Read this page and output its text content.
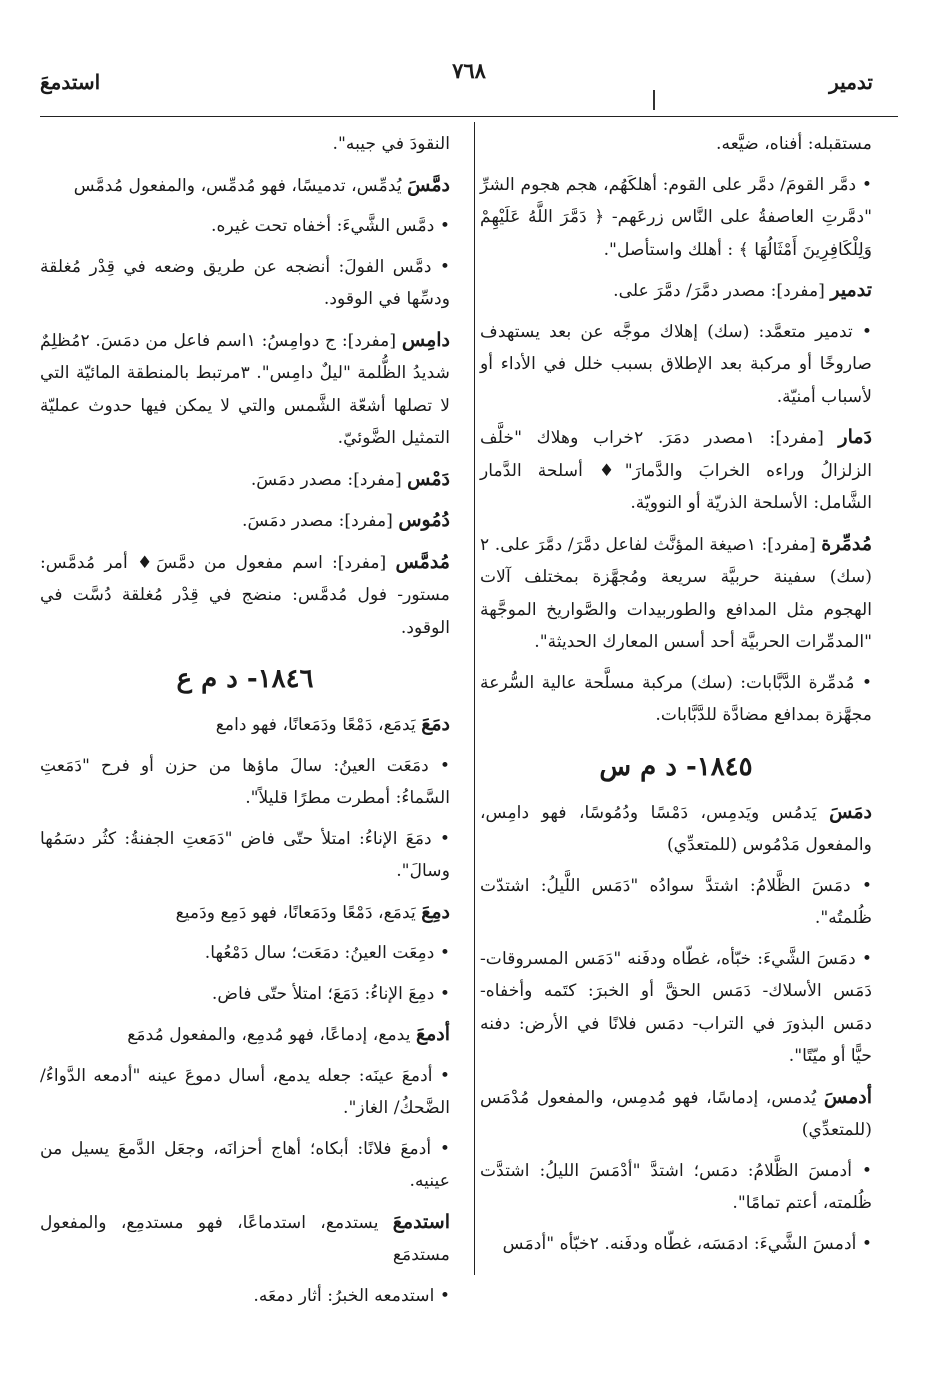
تدمير
٧٦٨
استدمعَ

مستقبله: أفناه، ضيَّعه.

• دمَّر القومَ/ دمَّر على القوم: أهلكَهُم، هجم هجوم الشرِّ "دمَّرتِ العاصفةُ على النَّاس زرعَهم- ﴿ دَمَّرَ اللَّهُ عَلَيْهِمْ وَلِلْكَافِرِينَ أَمْثَالُهَا ﴾ : أهلك واستأصل".

تدمير [مفرد]: مصدر دمَّرَ/ دمَّرَ على.

• تدمير متعمَّد: (سك) إهلاك موجَّه عن بعد يستهدف صاروخًا أو مركبة بعد الإطلاق بسبب خلل في الأداء أو لأسباب أمنيّة.

دَمار [مفرد]: ١مصدر دمَرَ. ٢خراب وهلاك "خلَّف الزلزالُ وراءه الخرابَ والدَّمارَ"♦ أسلحة الدَّمار الشَّامل: الأسلحة الذريّة أو النوويّة.

مُدمِّرة [مفرد]: ١صيغة المؤنَّث لفاعل دمَّرَ/ دمَّرَ على. ٢ (سك) سفينة حربيَّة سريعة ومُجهَّزة بمختلف آلات الهجوم مثل المدافع والطوربيدات والصَّواريخ الموجَّهة "المدمِّرات الحربيَّة أحد أسس المعارك الحديثة".

• مُدمِّرة الدَّبَّابات: (سك) مركبة مسلَّحة عالية السُّرعة مجهَّزة بمدافع مضادَّة للدَّبَّابات.

١٨٤٥- د م س

دمَسَ يَدمُس ويَدمِس، دَمْسًا ودُمُوسًا، فهو دامِس، والمفعول مَدْمُوس (للمتعدِّي)

• دمَسَ الظَّلامُ: اشتدَّ سوادُه "دَمَس اللَّيلُ: اشتدّت ظُلمتُه".

• دمَسَ الشَّيءَ: خبّأه، غطّاه ودفَنه "دَمَس المسروقات- دَمَس الأسلاك- دَمَس الحقَّ أو الخبرَ: كتَمه وأخفاه- دمَس البذورَ في التراب- دمَس فلانًا في الأرض: دفنه حيًّا أو ميّتًا".

أدمسَ يُدمس، إدماسًا، فهو مُدمِس، والمفعول مُدْمَس (للمتعدِّي)

• أدمسَ الظَّلامُ: دمَس؛ اشتدَّ "أدْمَسَ الليلُ: اشتدَّت ظُلمته، أعتم تمامًا".

• أدمسَ الشَّيءَ: ادمَسَه، غطّاه ودفَنه. ٢خبّأه "أدمَس

النقودَ في جيبه".

دمَّسَ يُدمِّس، تدميسًا، فهو مُدمِّس، والمفعول مُدمَّس

• دمَّس الشَّيءَ: أخفاه تحت غيره.

• دمَّس الفولَ: أنضجه عن طريق وضعه في قِدْر مُغلقة ودسِّها في الوقود.

دامِس [مفرد]: ج دوامِسُ: ١اسم فاعل من دمَسَ. ٢مُظلِمٌ شديدُ الظُّلمة "ليلٌ دامِس". ٣مرتبط بالمنطقة المائيّة التي لا تصلها أشعّة الشَّمس والتي لا يمكن فيها حدوث عمليّة التمثيل الضَّوئيّ.

دَمْس [مفرد]: مصدر دمَسَ.

دُمُوس [مفرد]: مصدر دمَسَ.

مُدمَّس [مفرد]: اسم مفعول من دمَّسَ♦ أمر مُدمَّس: مستور- فول مُدمَّس: منضج في قِدْر مُغلقة دُسَّت في الوقود.

١٨٤٦- د م ع

دمَعَ يَدمَع، دَمْعًا ودَمَعانًا، فهو دامع

• دمَعَت العينُ: سالَ ماؤها من حزن أو فرح "دَمَعتِ السَّماءُ: أمطرت مطرًا قليلاً".

• دمَعَ الإناءُ: امتلأ حتّى فاض "دَمَعتِ الجفنةُ: كثُر دسَمُها وسالَ".

دمِعَ يَدمَع، دَمْعًا ودَمَعانًا، فهو دَمِع ودَميع

• دمِعَت العينُ: دمَعَت؛ سال دَمْعُها.

• دمِعَ الإناءُ: دَمَعَ؛ امتلأ حتّى فاض.

أدمعَ يدمع، إدماعًا، فهو مُدمِع، والمفعول مُدمَع

• أدمعَ عينَه: جعله يدمع، أسال دموعَ عينه "أدمعه الدَّواءُ/ الضَّحكُ/ الغاز".

• أدمعَ فلانًا: أبكاه؛ أهاج أحزانَه، وجعَل الدَّمعَ يسيل من عينيه.

استدمعَ يستدمع، استدماعًا، فهو مستدمِع، والمفعول مستدمَع

• استدمعه الخبرُ: أثار دمعَه.
